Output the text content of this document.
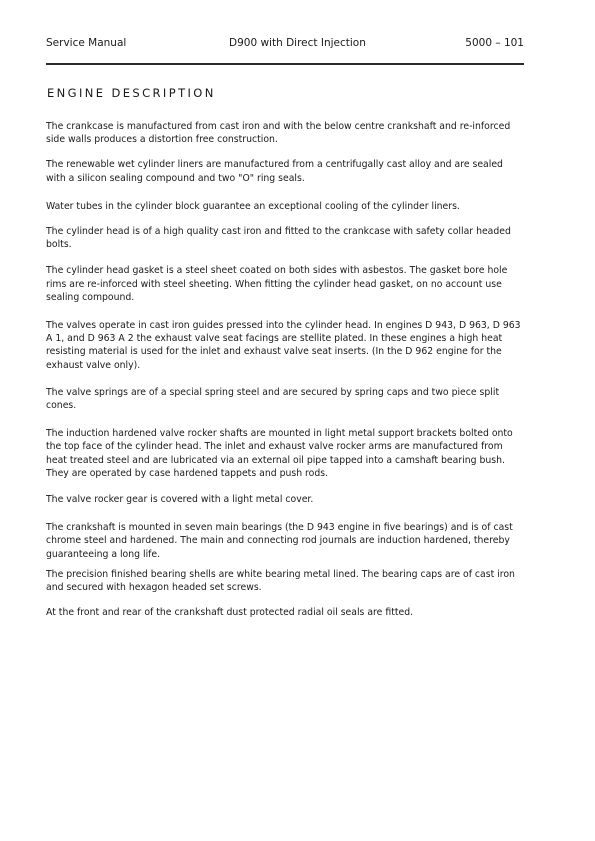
Service Manual	D900 with Direct Injection	5000 – 101
ENGINE DESCRIPTION

The crankcase is manufactured from cast iron and with the below centre crankshaft and re-inforced side walls produces a distortion free construction.

The renewable wet cylinder liners are manufactured from a centrifugally cast alloy and are sealed with a silicon sealing compound and two "O" ring seals.

Water tubes in the cylinder block guarantee an exceptional cooling of the cylinder liners.

The cylinder head is of a high quality cast iron and fitted to the crankcase with safety collar headed bolts.

The cylinder head gasket is a steel sheet coated on both sides with asbestos. The gasket bore hole rims are re-inforced with steel sheeting. When fitting the cylinder head gasket, on no account use sealing compound.

The valves operate in cast iron guides pressed into the cylinder head. In engines D 943, D 963, D 963 A 1, and D 963 A 2 the exhaust valve seat facings are stellite plated. In these engines a high heat resisting material is used for the inlet and exhaust valve seat inserts. (In the D 962 engine for the exhaust valve only).

The valve springs are of a special spring steel and are secured by spring caps and two piece split cones.

The induction hardened valve rocker shafts are mounted in light metal support brackets bolted onto the top face of the cylinder head. The inlet and exhaust valve rocker arms are manufactured from heat treated steel and are lubricated via an external oil pipe tapped into a camshaft bearing bush. They are operated by case hardened tappets and push rods.

The valve rocker gear is covered with a light metal cover.

The crankshaft is mounted in seven main bearings (the D 943 engine in five bearings) and is of cast chrome steel and hardened. The main and connecting rod journals are induction hardened, thereby guaranteeing a long life.

The precision finished bearing shells are white bearing metal lined. The bearing caps are of cast iron and secured with hexagon headed set screws.

At the front and rear of the crankshaft dust protected radial oil seals are fitted.
